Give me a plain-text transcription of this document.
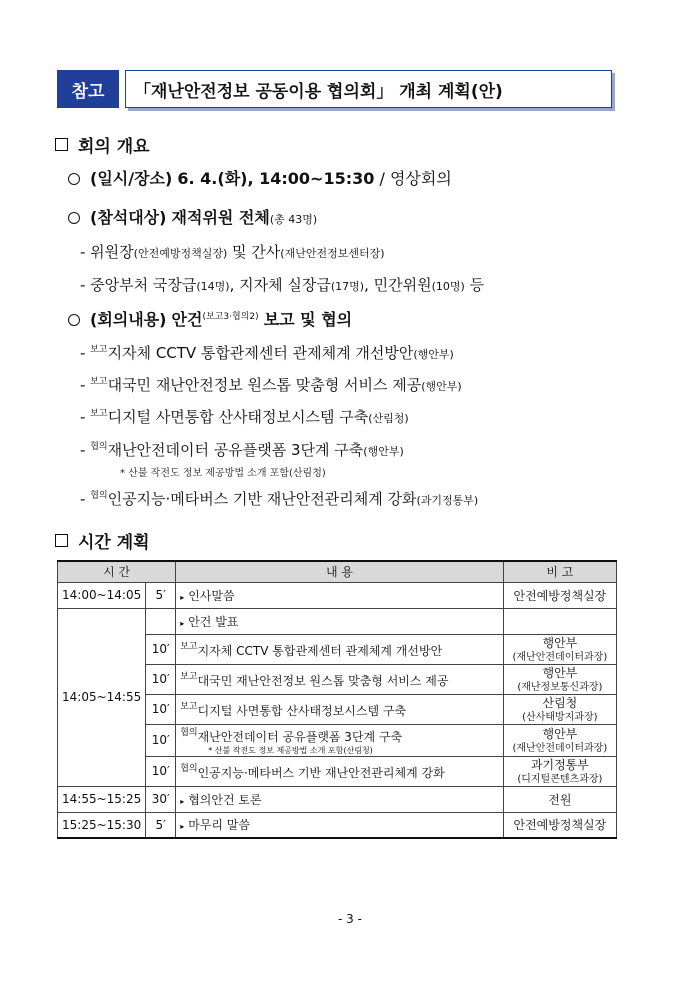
참고	「재난안전정보 공동이용 협의회」 개최 계획(안)
회의 개요
(일시/장소) 6. 4.(화), 14:00~15:30 / 영상회의
(참석대상) 재적위원 전체(총 43명)
- 위원장(안전예방정책실장) 및 간사(재난안전정보센터장)
- 중앙부처 국장급(14명), 지자체 실장급(17명), 민간위원(10명) 등
(회의내용) 안건$^{(보고3\cdot 협의2)}$ 보고 및 협의
- $^{보고}$지자체 CCTV 통합관제센터 관제체계 개선방안(행안부)
- $^{보고}$대국민 재난안전정보 원스톱 맞춤형 서비스 제공(행안부)
- $^{보고}$디지털 사면통합 산사태정보시스템 구축(산림청)
- $^{협의}$재난안전데이터 공유플랫폼 3단계 구축(행안부)
* 산불 작전도 정보 제공방법 소개 포함(산림청)
- $^{협의}$인공지능·메타버스 기반 재난안전관리체계 강화(과기정통부)
시간 계획
시 간		내 용	비 고
14:00~14:05	5′	▸ 인사말씀	안전예방정책실장
14:05~14:55		▸ 안건 발표	
	10′	$^{보고}$지자체 CCTV 통합관제센터 관제체계 개선방안	행안부
(재난안전데이터과장)

	10′	$^{보고}$대국민 재난안전정보 원스톱 맞춤형 서비스 제공	행안부
(재난정보통신과장)

	10′	$^{보고}$디지털 사면통합 산사태정보시스템 구축	산림청
(산사태방지과장)

	10′	$^{협의}$재난안전데이터 공유플랫폼 3단계 구축
* 산불 작전도 정보 제공방법 소개 포함(산림청)	행안부
(재난안전데이터과장)

	10′	$^{협의}$인공지능·메타버스 기반 재난안전관리체계 강화	과기정통부
(디지털콘텐츠과장)

14:55~15:25	30′	▸ 협의안건 토론	전원
15:25~15:30	5′	▸ 마무리 말씀	안전예방정책실장
- 3 -
